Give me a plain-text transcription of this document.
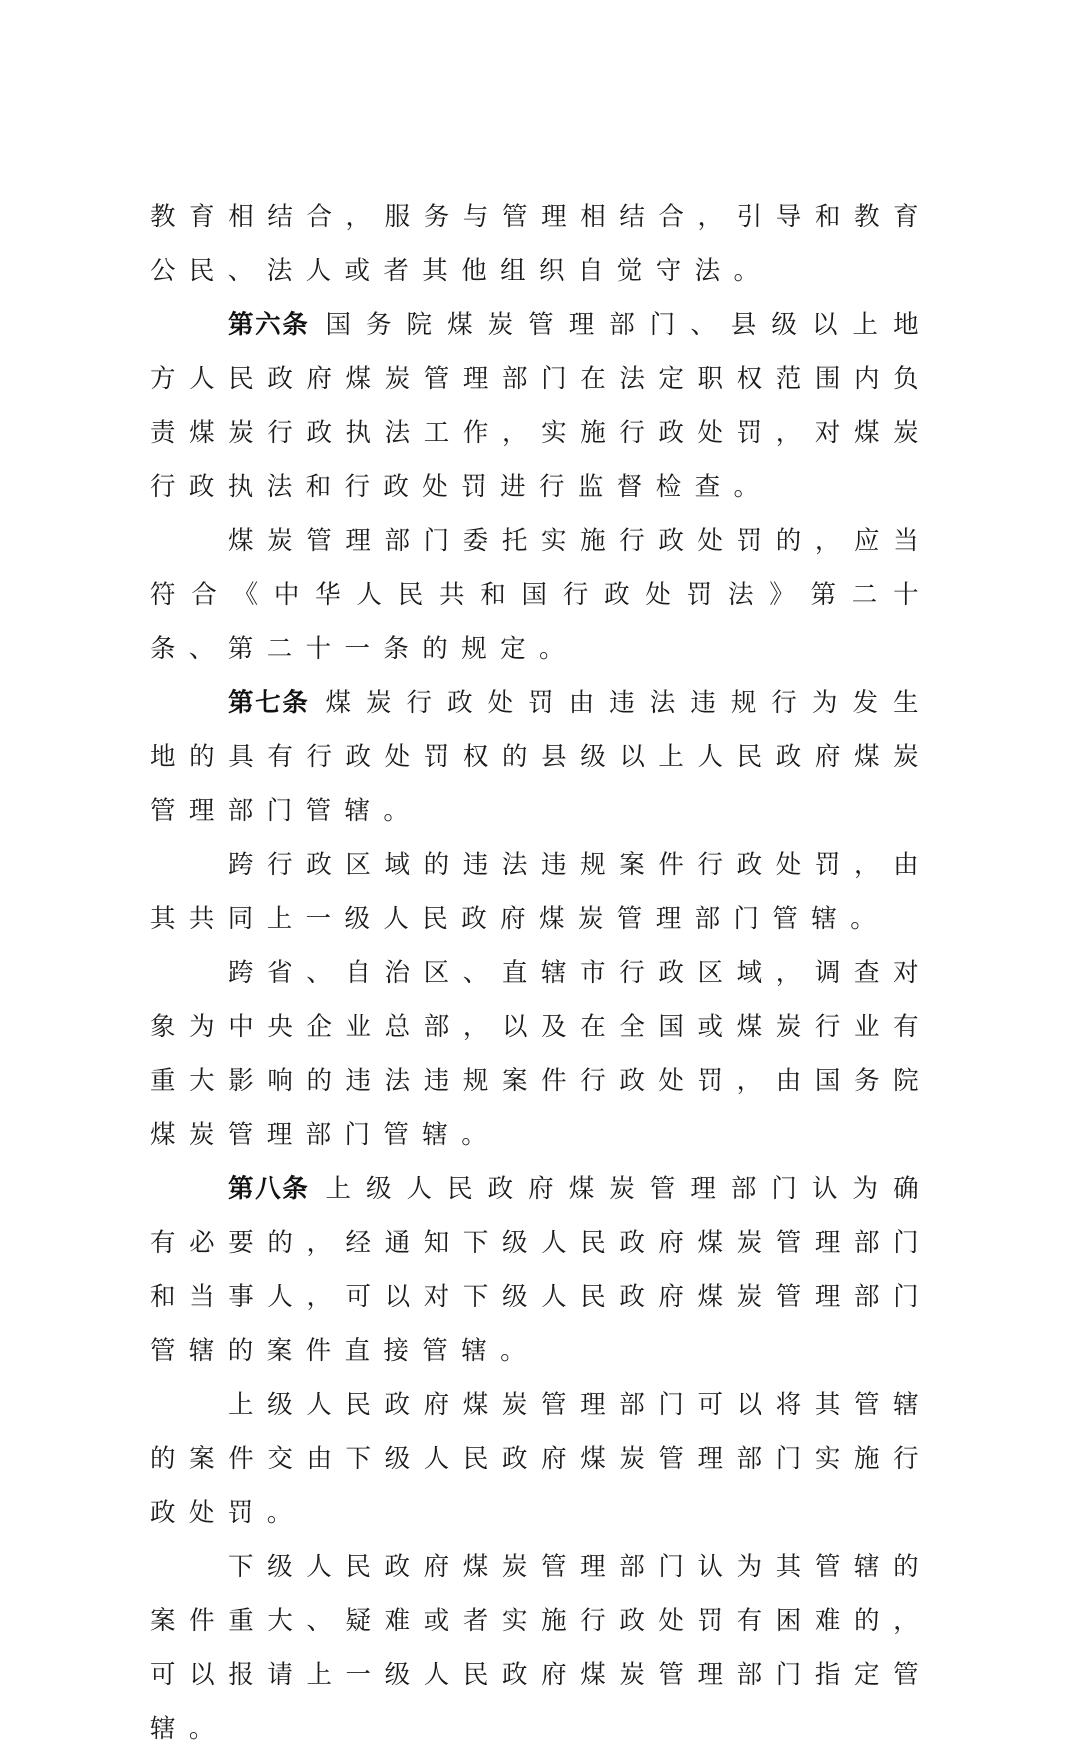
教育相结合，服务与管理相结合，引导和教育公民、法人或者其他组织自觉守法。

第六条 国务院煤炭管理部门、县级以上地方人民政府煤炭管理部门在法定职权范围内负责煤炭行政执法工作，实施行政处罚，对煤炭行政执法和行政处罚进行监督检查。

煤炭管理部门委托实施行政处罚的，应当符合《中华人民共和国行政处罚法》第二十条、第二十一条的规定。

第七条 煤炭行政处罚由违法违规行为发生地的具有行政处罚权的县级以上人民政府煤炭管理部门管辖。

跨行政区域的违法违规案件行政处罚，由其共同上一级人民政府煤炭管理部门管辖。

跨省、自治区、直辖市行政区域，调查对象为中央企业总部，以及在全国或煤炭行业有重大影响的违法违规案件行政处罚，由国务院煤炭管理部门管辖。

第八条 上级人民政府煤炭管理部门认为确有必要的，经通知下级人民政府煤炭管理部门和当事人，可以对下级人民政府煤炭管理部门管辖的案件直接管辖。

上级人民政府煤炭管理部门可以将其管辖的案件交由下级人民政府煤炭管理部门实施行政处罚。

下级人民政府煤炭管理部门认为其管辖的案件重大、疑难或者实施行政处罚有困难的，可以报请上一级人民政府煤炭管理部门指定管辖。
